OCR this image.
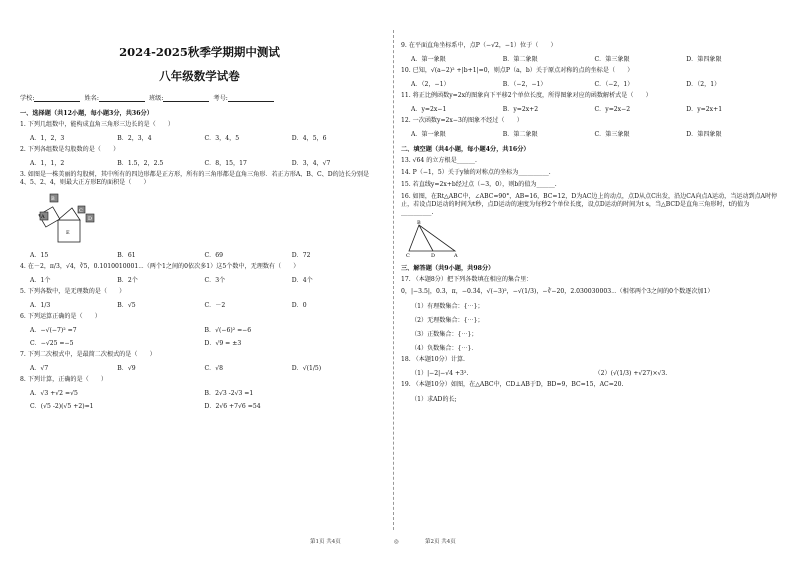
2024-2025秋季学期期中测试
八年级数学试卷
学校:	姓名:	班级:	考号:
一、选择题（共12小题，每小题3分，共36分）
1. 下列几组数中，能构成直角三角形三边长的是（　　）
A．1，2，3	B．2，3，4	C．3，4，5	D．4，5，6
2. 下列各组数是勾股数的是（　　）
A．1，1，2	B．1.5，2，2.5	C．8，15，17	D．3，4，√7
3. 如图是一株美丽的勾股树，其中所有的四边形都是正方形，所有的三角形都是直角三角形．若正方形A、B、C、D的边长分别是4、5、2、4，则最大正方形E的面积是（　　）
A
B
C
D
E
A．15	B．61	C．69	D．72
4. 在－2，π/3，√4，∛5，0.1010010001⋯（两个1之间的0依次多1）这5个数中，无理数有（　　）
A．1个	B．2个	C．3个	D．4个
5. 下列各数中，是无理数的是（　　）
A．1/3	B．√5	C．－2	D．0
6. 下列运算正确的是（　　）
A．−√(−7)² =7	B．√(−6)² =−6
C．−√25 =−5	D．√9 = ±3
7. 下列二次根式中，是最简二次根式的是（　　）
A．√7	B．√9	C．√8	D．√(1/5)
8. 下列计算，正确的是（　　）
A．√3 +√2 =√5	B．2√3 -2√3 =1
C．(√5 -2)(√5 +2)=1	D．2√6 +7√6 =54
第1页 共4页	◎
9. 在平面直角坐标系中，点P（−√2，−1）位于（　　）
A．第一象限	B．第二象限	C．第三象限	D．第四象限
10. 已知，√(a−2)² +|b+1|=0，则点P（a，b）关于原点对称的点的坐标是（　　）
A．（2，−1）	B．（−2，−1）	C．（−2，1）	D．（2，1）
11. 将正比例函数y=2x的图象向下平移2个单位长度，所得图象对应的函数解析式是（　　）
A．y=2x−1	B．y=2x+2	C．y=2x−2	D．y=2x+1
12. 一次函数y=2x−3的图象不经过（　　）
A．第一象限	B．第二象限	C．第三象限	D．第四象限
二、填空题（共4小题，每小题4分，共16分）
13. √64 的立方根是______.
14. P（−1，5）关于y轴的对称点的坐标为__________.
15. 若直线y=2x+b经过点（−3，0），则b的值为______.
16. 如图，在Rt△ABC中，∠ABC=90°，AB=16，BC=12，D为AC边上的动点，点D从点C出发，沿边CA向点A运动，当运动到点A时停止，若设点D运动的时间为t秒，点D运动的速度为每秒2个单位长度，设点D运动的时间为t s，当△BCD是直角三角形时，t的值为__________.
B
C	D	A
三、解答题（共9小题，共98分）
17. （本题8分）把下列各数填在相应的集合里：
0，|−3.5|，0.3，π，−0.3̇4̇，√(−3)²，−√(1/3)，−∛−20，2.030030003⋯（相邻两个3之间的0个数逐次加1）
（1）有理数集合：{⋯}；
（2）无理数集合：{⋯}；
（3）正数集合：{⋯}；
（4）负数集合：{⋯}．
18. （本题10分）计算.
（1）|−2|−√4 +3².	（2）(√(1/3) +√27)×√3.
19. （本题10分）如图，在△ABC中，CD⊥AB于D，BD=9，BC=15，AC=20.
（1）求AD的长;
第2页 共4页
